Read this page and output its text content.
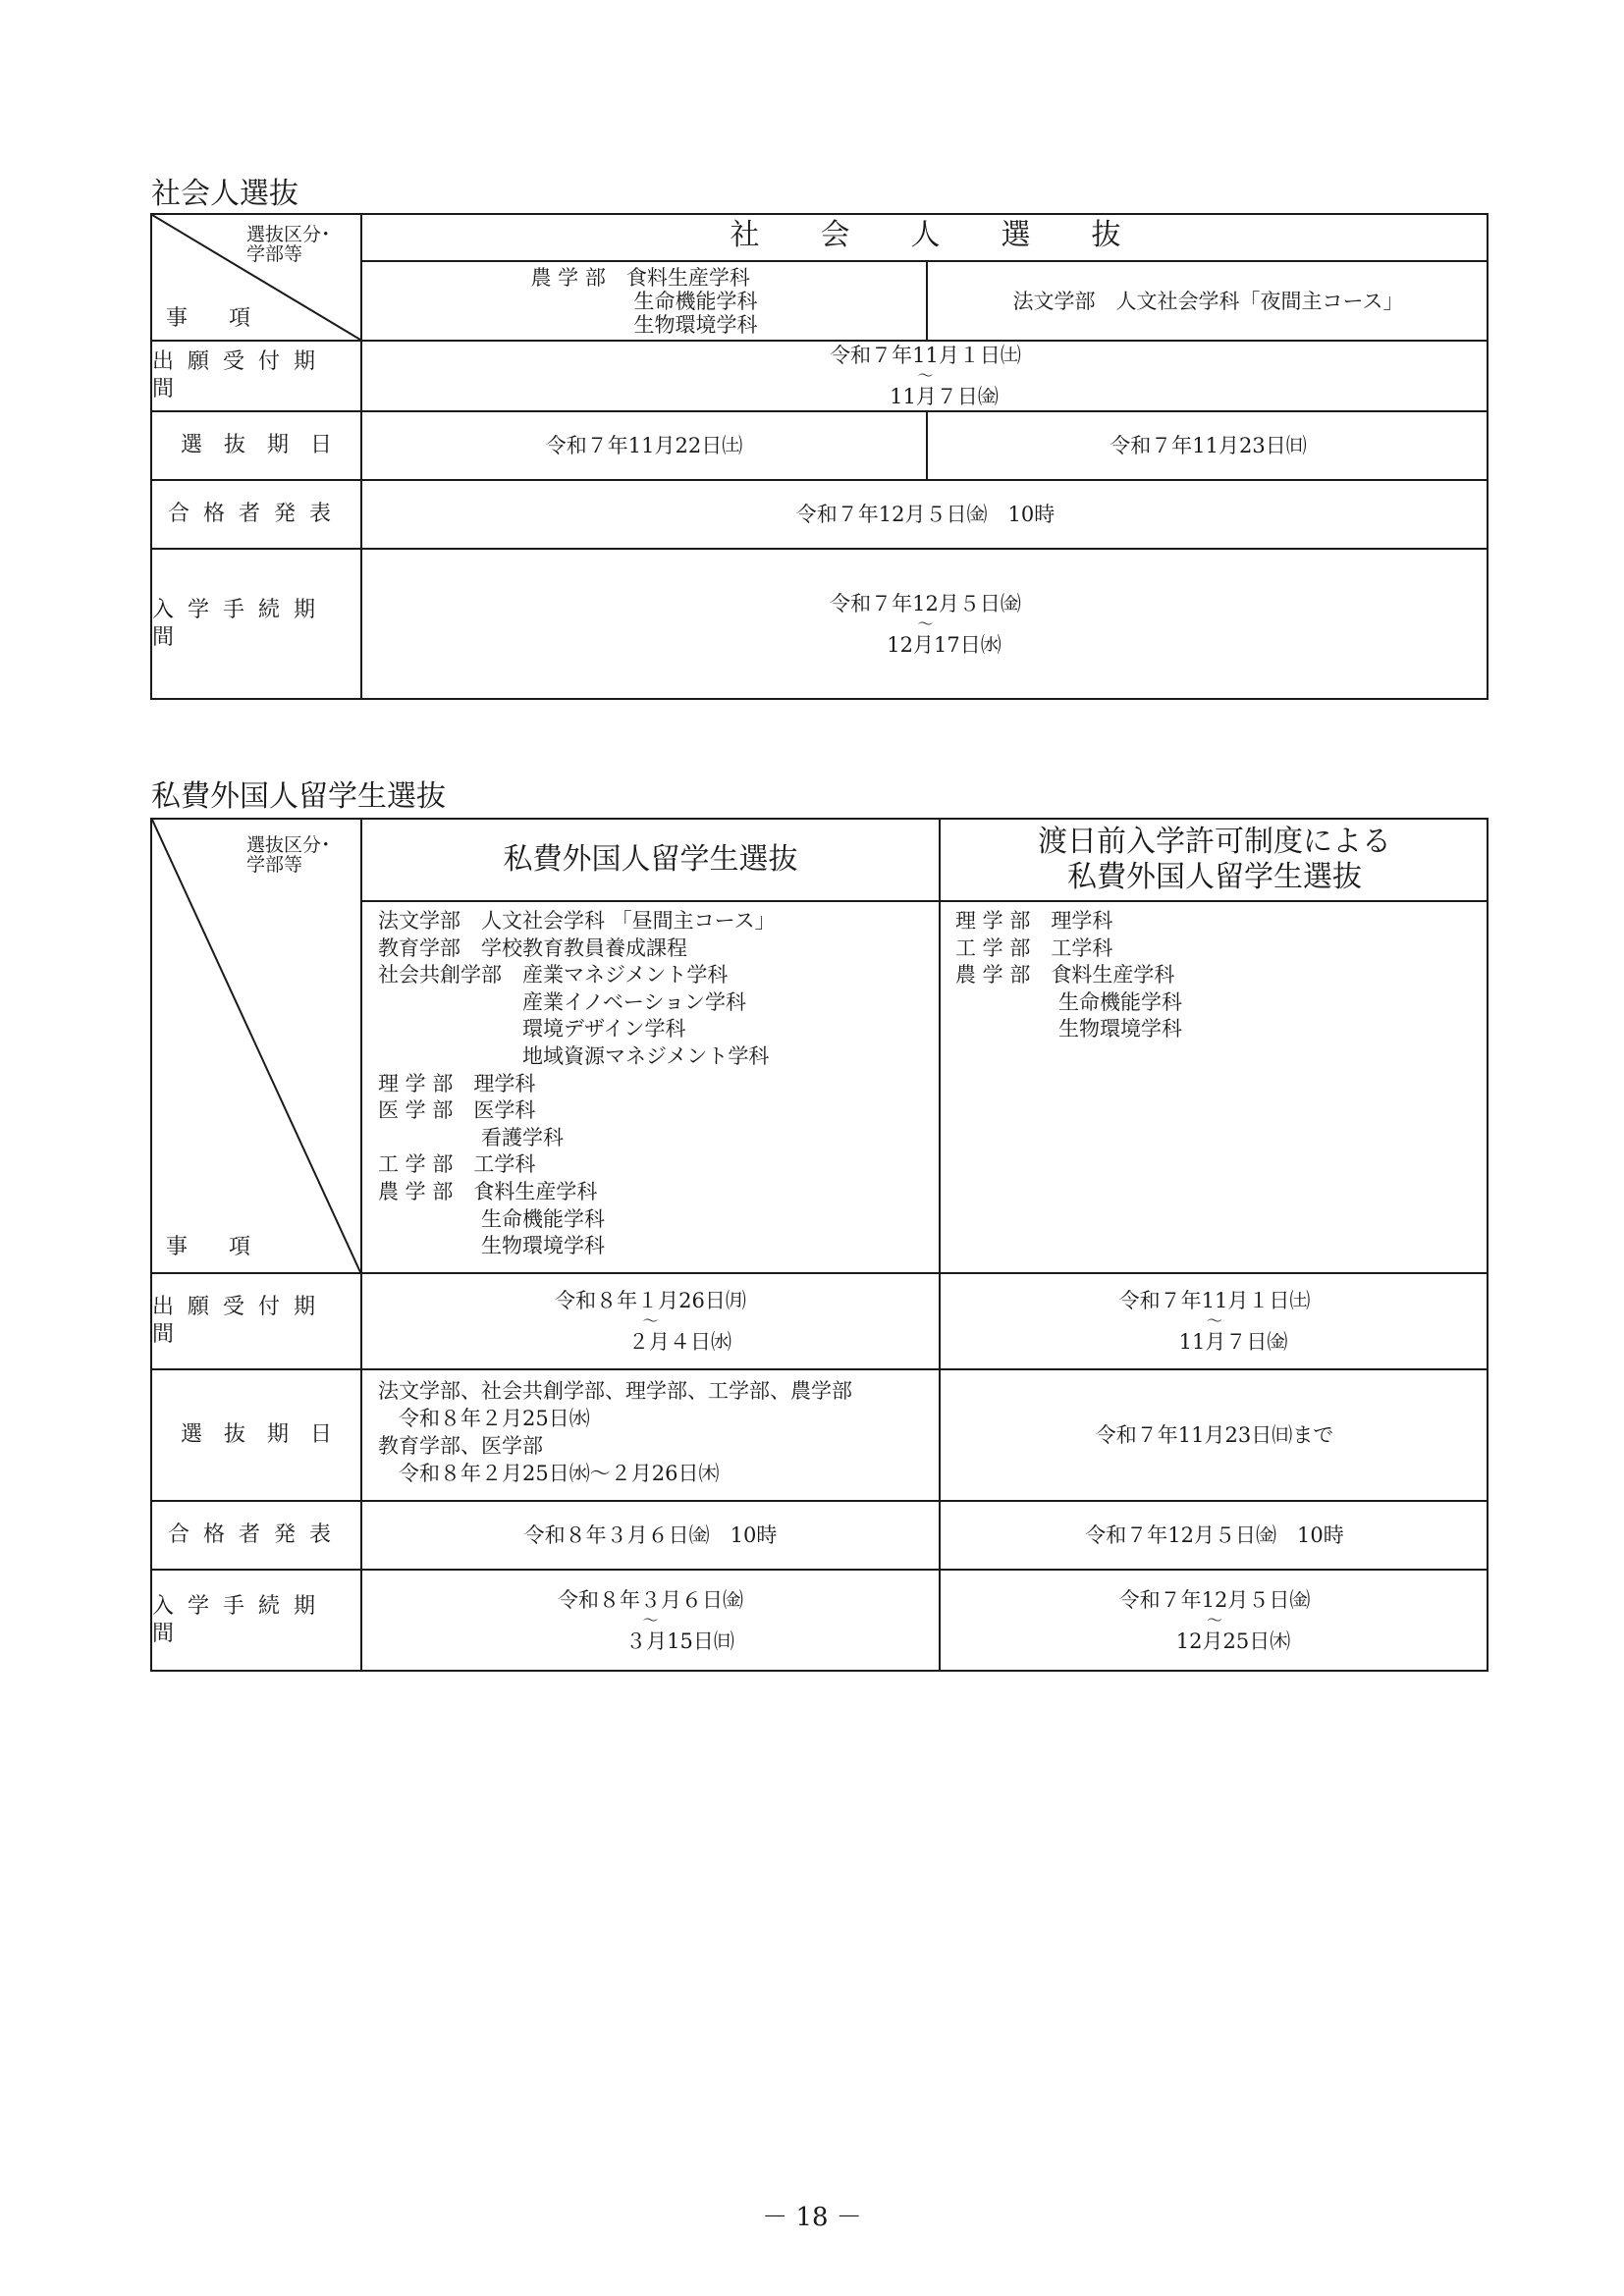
社会人選抜
選抜区分･
学部等
事　項
社会人選抜
農 学 部　食料生産学科
　　　　　生命機能学科
　　　　　生物環境学科
法文学部　人文社会学科「夜間主コース」
出願受付期間
選　抜　期　日
合格者発表
入学手続期間
令和７年11月１日㈯
～
11月７日㈮
令和７年11月22日㈯	令和７年11月23日㈰
令和７年12月５日㈮　10時
令和７年12月５日㈮
～
12月17日㈬
私費外国人留学生選抜
選抜区分･
学部等
事　項
私費外国人留学生選抜
渡日前入学許可制度による
私費外国人留学生選抜
法文学部　人文社会学科 「昼間主コース」
教育学部　学校教育教員養成課程
社会共創学部　産業マネジメント学科
　　　　　　　産業イノベーション学科
　　　　　　　環境デザイン学科
　　　　　　　地域資源マネジメント学科
理 学 部　理学科
医 学 部　医学科
　　　　　看護学科
工 学 部　工学科
農 学 部　食料生産学科
　　　　　生命機能学科
　　　　　生物環境学科
理 学 部　理学科
工 学 部　工学科
農 学 部　食料生産学科
　　　　　生命機能学科
　　　　　生物環境学科
出願受付期間
選　抜　期　日
合格者発表
入学手続期間
令和８年１月26日㈪
～
２月４日㈬
令和７年11月１日㈯
～
11月７日㈮
法文学部、社会共創学部、理学部、工学部、農学部
　令和８年２月25日㈬
教育学部、医学部
　令和８年２月25日㈬～２月26日㈭
令和７年11月23日㈰まで
令和８年３月６日㈮　10時	令和７年12月５日㈮　10時
令和８年３月６日㈮
～
３月15日㈰
令和７年12月５日㈮
～
12月25日㈭
－ 18 －
